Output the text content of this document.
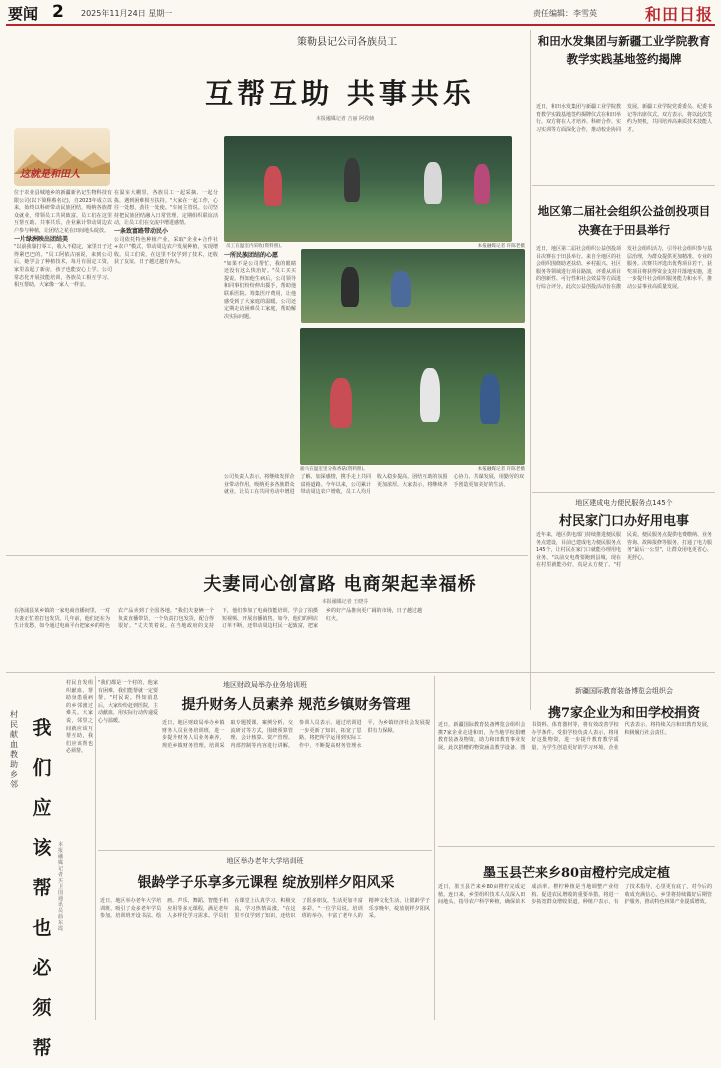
要闻 2 2025年11月24日 星期一	责任编辑：李雪英	和田日报
策勒县记公司各族员工
互帮互助 共事共乐
本报融媒记者 吉丽 阿孜姨
这就是和田人
位于农业县城地乡的新疆新名记生物科技有限公司(以下简称蔡名记)，自2023年成立以来，始终以科研带动民族团结，吸纳各族群众就业，带领员工共同致富。员工们在这里互帮互助、共事共乐，企业累计带动周边农户参与种植，让团结之花在田间地头绽放。
一片绿洲映出团结美
"以前我靠打零工，收入不稳定，家里日子过得紧巴巴的。"员工阿依古丽说，来到公司后，她学会了种植技术，每月有固定工资，家里盖起了新房，孩子也能安心上学。公司常态化开展技能培训，各族员工相互学习、相互帮助，大家像一家人一样亲。
在温室大棚里，各族员工一起采摘、一起分拣，遇到困难相互扶持。"大家在一起工作，心往一处想，劲往一处使。"车间主管说。公司坚持把民族团结融入日常管理，定期组织联谊活动，让员工们在交流中增进感情。
一条致富路带动民小
公司依托特色种植产业，采取"企业+合作社+农户"模式，带动周边农户发展种植，实现增收。员工们说，在这里不仅学到了技术，还收获了友谊，日子越过越有奔头。
员工在温室内采收(资料照)。	本报融媒记者 许陈老摄
一所民族团结的心愿
"如果不是公司帮忙，我的眼睛还没有这么快治好。"员工买买提说。得知他生病后，公司领导和同事们纷纷伸出援手，帮助他联系医院、筹集医疗费用，让他感受到了大家庭的温暖。公司还定期走访困难员工家庭，帮助解决实际问题。
骏马在温室里分拣香菇(资料照)。	本报融媒记者 许陈老摄
公司负责人表示，将继续发挥企业带动作用，吸纳更多各族群众就业，让员工在共同劳动中增进了解、加深感情，携手走上共同富裕道路。今年以来，公司累计带动周边农户增收，员工人均月收入稳步提高，团结互助的氛围更加浓厚。大家表示，将继续齐心协力、共谋发展，用勤劳的双手创造更加美好的生活。
夫妻同心创富路 电商架起幸福桥
本报融媒记者 王晓芬
在洛浦县某乡镇的一家电商直播间里，一对夫妻正忙着打包发货。几年前，他们还在为生计发愁，如今通过电商平台把家乡的特色农产品卖到了全国各地。"我们夫妻俩一个负责直播带货，一个负责打包发货，配合得很好。"丈夫笑着说。在当地政府的支持下，他们参加了电商技能培训，学会了拍摄短视频、开展直播销售。如今，他们的网店订单不断，还带动周边村民一起致富，把家乡的好产品推向更广阔的市场，日子越过越红火。
村民献血教助乡邻
我们应该帮也必须帮
本报融媒记者 买卫国 通讯员 曲东霞
村民自发组织献血，帮助身患重病的乡邻渡过难关。大家说，邻里之间就应该互帮互助，我们应该帮也必须帮。
"我们都是一个村的，他家有困难，我们能帮就一定要帮。"村民说。得知消息后，大家纷纷赶到医院，主动献血，用实际行动传递爱心与温暖。
和田水发集团与新疆工业学院教育教学实践基地签约揭牌
近日，和田水发集团与新疆工业学院教育教学实践基地签约揭牌仪式在和田举行。双方将在人才培养、科研合作、实习实训等方面深化合作，推动校企协同发展。新疆工业学院党委委员、纪委书记等出席仪式。双方表示，将以此次签约为契机，共同培养高素质技术技能人才。
地区第二届社会组织公益创投项目决赛在于田县举行
近日，地区第二届社会组织公益创投项目决赛在于田县举行。来自全地区的社会组织围绕助老扶幼、乡村振兴、社区服务等领域进行项目路演，评委从项目的创新性、可行性和社会效益等方面进行综合评分。此次公益创投活动旨在激发社会组织活力，引导社会组织参与基层治理，为群众提供更加精准、专业的服务。决赛共评选出优秀项目若干，获奖项目将获得资金支持并落地实施，进一步提升社会组织服务能力和水平，推动公益事业高质量发展。
地区建成电力便民服务点145个
村民家门口办好用电事
近年来，地区供电部门持续推进便民服务点建设，目前已建成电力便民服务点145个，让村民在家门口就能办理用电业务。"以前交电费要跑到县城，现在在村里就能办好，真是太方便了。"村民说。便民服务点提供电费缴纳、业务咨询、故障报修等服务，打通了电力服务"最后一公里"，让群众用电更省心、更舒心。
新疆国际教育装备博览会组织会
携7家企业为和田学校捐资
近日，新疆国际教育装备博览会组织会携7家企业走进和田，为当地学校捐赠教育装备及物资，助力和田教育事业发展。此次捐赠的物资涵盖教学设备、图书资料、体育器材等，将有效改善学校办学条件。受捐学校负责人表示，将用好这批物资，进一步提升教育教学质量，为学生创造更好的学习环境。企业代表表示，将持续关注和田教育发展，积极履行社会责任。
墨玉县芒来乡80亩橙柠完成定植
近日，墨玉县芒来乡80亩橙柠完成定植。连日来，乡里组织技术人员深入田间地头，指导农户科学种植，确保苗木成活率。橙柠种植是当地调整产业结构、促进农民增收的重要举措，将进一步拓宽群众增收渠道。种植户表示，有了技术指导，心里更有底了，对今后的收成充满信心。乡里将持续做好后期管护服务，推动特色林果产业提质增效。
地区财政局举办业务培训班
提升财务人员素养 规范乡镇财务管理
近日，地区财政局举办乡镇财务人员业务培训班，进一步提升财务人员业务素养，规范乡镇财务管理。培训采取专题授课、案例分析、交流研讨等方式，围绕预算管理、会计核算、资产管理、内部控制等内容进行讲解。参训人员表示，通过培训进一步更新了知识，拓宽了思路，将把所学运用到实际工作中，不断提高财务管理水平，为乡镇经济社会发展提供有力保障。
地区举办老年大学培训班
银龄学子乐享多元课程 绽放别样夕阳风采
近日，地区举办老年大学培训班，吸引了众多老年学员参加。培训班开设书法、绘画、声乐、舞蹈、智能手机应用等多元课程，满足老年人多样化学习需求。学员们在课堂上认真学习、积极交流，学习热情高涨。"在这里不仅学到了知识，还结识了很多朋友，生活更加丰富多彩。"一位学员说。培训班的举办，丰富了老年人的精神文化生活，让银龄学子乐享晚年，绽放别样夕阳风采。
